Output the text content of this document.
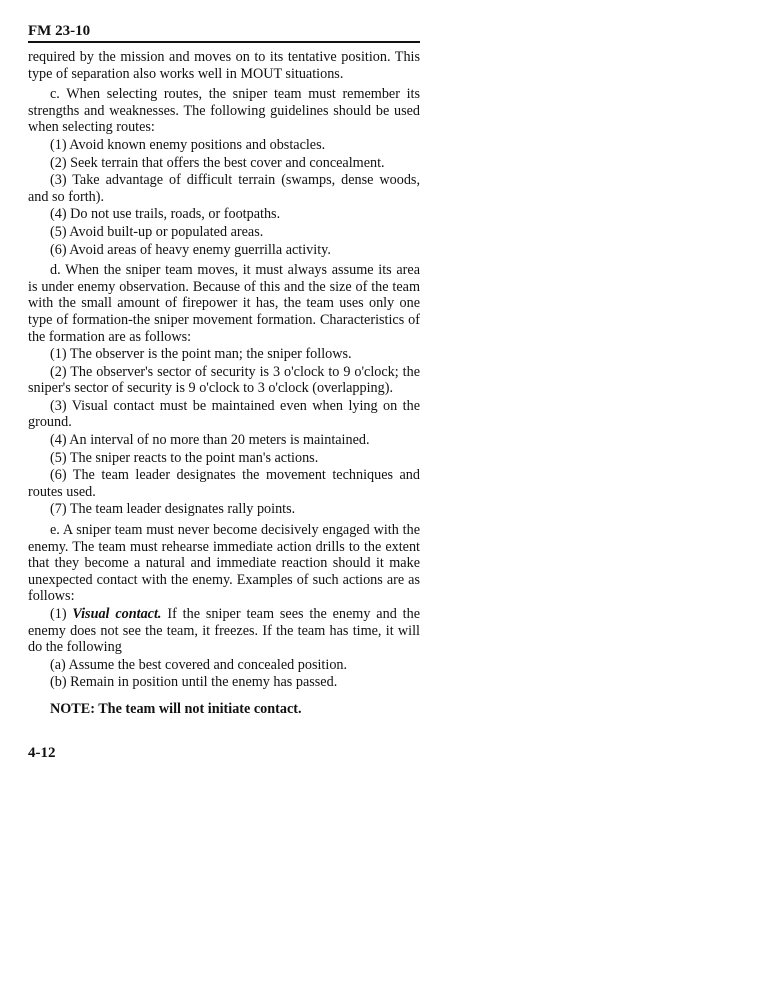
FM 23-10

required by the mission and moves on to its tentative position. This type of separation also works well in MOUT situations.

c. When selecting routes, the sniper team must remember its strengths and weaknesses. The following guidelines should be used when selecting routes:

(1) Avoid known enemy positions and obstacles.

(2) Seek terrain that offers the best cover and concealment.

(3) Take advantage of difficult terrain (swamps, dense woods, and so forth).

(4) Do not use trails, roads, or footpaths.

(5) Avoid built-up or populated areas.

(6) Avoid areas of heavy enemy guerrilla activity.

d. When the sniper team moves, it must always assume its area is under enemy observation. Because of this and the size of the team with the small amount of firepower it has, the team uses only one type of formation-the sniper movement formation. Characteristics of the formation are as follows:

(1) The observer is the point man; the sniper follows.

(2) The observer's sector of security is 3 o'clock to 9 o'clock; the sniper's sector of security is 9 o'clock to 3 o'clock (overlapping).

(3) Visual contact must be maintained even when lying on the ground.

(4) An interval of no more than 20 meters is maintained.

(5) The sniper reacts to the point man's actions.

(6) The team leader designates the movement techniques and routes used.

(7) The team leader designates rally points.

e. A sniper team must never become decisively engaged with the enemy. The team must rehearse immediate action drills to the extent that they become a natural and immediate reaction should it make unexpected contact with the enemy. Examples of such actions are as follows:

(1) Visual contact. If the sniper team sees the enemy and the enemy does not see the team, it freezes. If the team has time, it will do the following

(a) Assume the best covered and concealed position.

(b) Remain in position until the enemy has passed.

NOTE: The team will not initiate contact.
4-12
